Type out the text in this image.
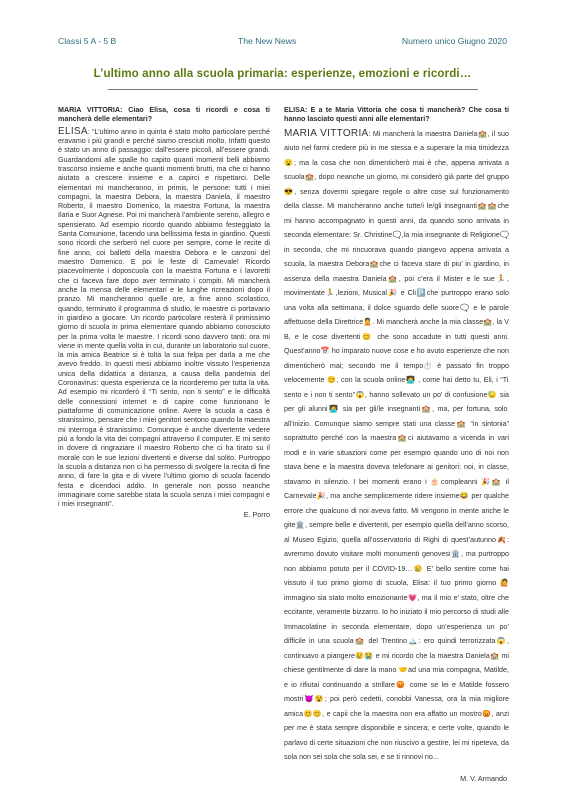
Classi 5 A - 5 B	The New News	Numero unico Giugno 2020
L’ultimo anno alla scuola primaria: esperienze, emozioni e ricordi…

MARIA VITTORIA: Ciao Elisa, cosa ti ricordi e cosa ti mancherà delle elementari?

ELISA: “L’ultimo anno in quinta è stato molto particolare perché eravamo i più grandi e perché siamo cresciuti molto. Infatti questo è stato un anno di passaggio: dall’essere piccoli, all’essere grandi. Guardandomi alle spalle ho capito quanti momenti belli abbiamo trascorso insieme e anche quanti momenti brutti, ma che ci hanno aiutato a crescere insieme e a capirci e rispettarci. Delle elementari mi mancheranno, in primis, le persone: tutti i miei compagni, la maestra Debora, la maestra Daniela, il maestro Roberto, il maestro Domenico, la maestra Fortuna, la maestra Ilaria e Suor Agnese. Poi mi mancherà l’ambiente sereno, allegro e spensierato. Ad esempio ricordo quando abbiamo festeggiato la Santa Comunione, facendo una bellissima festa in giardino. Questi sono ricordi che serberò nel cuore per sempre, come le recite di fine anno, coi balletti della maestra Debora e le canzoni del maestro Domenico. E poi le feste di Carnevale! Ricordo piacevolmente i doposcuola con la maestra Fortuna e i lavoretti che ci faceva fare dopo aver terminato i compiti. Mi mancherà anche la mensa delle elementari e le lunghe ricreazioni dopo il pranzo. Mi mancheranno quelle ore, a fine anno scolastico, quando, terminato il programma di studio, le maestre ci portavano in giardino a giocare. Un ricordo particolare resterà il primissimo giorno di scuola in prima elementare quando abbiamo conosciuto per la prima volta le maestre. I ricordi sono davvero tanti: ora mi viene in mente quella volta in cui, durante un laboratorio sul cuore, la mia amica Beatrice si è tolta la sua felpa per darla a me che avevo freddo. In questi mesi abbiamo inoltre vissuto l’esperienza unica della didattica a distanza, a causa della pandemia del Coronavirus: questa esperienza ce la ricorderemo per tutta la vita. Ad esempio mi ricorderò il “Ti sento, non ti sento” e le difficoltà delle connessioni internet e di capire come funzionano le piattaforme di comunicazione online. Avere la scuola a casa è stranissimo, pensare che i miei genitori sentono quando la maestra mi interroga è stranissimo. Comunque è anche divertente vedere più a fondo la vita dei compagni attraverso il computer. E mi sento in dovere di ringraziare il maestro Roberto che ci ha tirato su il morale con le sue lezioni divertenti e diverse dal solito. Purtroppo la scuola a distanza non ci ha permesso di svolgere la recita di fine anno, di fare la gita e di vivere l’ultimo giorno di scuola facendo festa e dicendoci addio. In generale non posso neanche immaginare come sarebbe stata la scuola senza i miei compagni e i miei insegnanti”.

E. Porro

ELISA: E a te Maria Vittoria che cosa ti mancherà? Che cosa ti hanno lasciato questi anni alle elementari?

MARIA VITTORIA: Mi mancherà la maestra Daniela🏫, il suo aiuto nel farmi credere più in me stessa e a superare la mia timidezza😮; ma la cosa che non dimenticherò mai è che, appena arrivata a scuola🏫, dopo neanche un giorno, mi considerò già parte del gruppo😎, senza dovermi spiegare regole o altre cose sul funzionamento della classe. Mi mancheranno anche tutte/i le/gli insegnanti🏫🏫che mi hanno accompagnato in questi anni, da quando sono arrivata in seconda elementare: Sr. Christine🗨️,la mia insegnante di Religione🗨️ in seconda, che mi rincuorava quando piangevo appena arrivata a scuola, la maestra Debora🏫che ci faceva stare di piu’ in giardino, in assenza della maestra Daniela🏫, poi c’era il Mister e le sue🏃, movimentate🏃,lezioni, Musical🎉 e Cli🅿️che purtroppo erano solo una volta alla settimana, il dolce sguardo delle suore🗨️ e le parole affettuose della Direttrice🙎. Mi mancherà anche la mia classe🏫, la V B, e le cose divertenti😊 che sono accadute in tutti questi anni. Quest’anno📅 ho imparato nuove cose e ho avuto esperienze che non dimenticherò mai; secondo me il tempo⏱️ è passato fin troppo velocemente 😊, con la scuola online🧑‍💻 , come hai detto tu, Eli, i “Ti sento e i non ti sento”😱, hanno sollevato un po’ di confusione😓 sia per gli alunni🧑‍💻 sia per gli/le insegnanti🏫, ma, per fortuna, solo all’inizio. Comunque siamo sempre stati una classe🏫 “in sintonia” soprattutto perché con la maestra🏫ci aiutavamo a vicenda in vari modi e in varie situazioni come per esempio quando uno di noi non stava bene e la maestra doveva telefonare ai genitori: noi, in classe, stavamo in silenzio. I bei momenti erano i 🎂compleanni 🎉🏫 il Carnevale🎉, ma anche semplicemente ridere insieme😂 per qualche errore che qualcuno di noi aveva fatto. Mi vengono in mente anche le gite🏛️, sempre belle e divertenti, per esempio quella dell’anno scorso, al Museo Egizio, quella all’osservatorio di Righi di quest’autunno🍂: avremmo dovuto visitare molti monumenti genovesi🏛️, ma purtroppo non abbiamo potuto per il COVID-19…😢 E’ bello sentire come hai vissuto il tuo primo giorno di scuola, Elisa: il tuo primo giorno 🙋 immagino sia stato molto emozionante💗, ma il mio e’ stato, oltre che eccitante, veramente bizzarro. Io ho iniziato il mio percorso di studi alle Immacolatine in seconda elementare, dopo un’esperienza un po’ difficile in una scuola🏫 del Trentino🏔️: ero quindi terrorizzata😱, continuavo a piangere😢😭 e mi ricordo che la maestra Daniela🏫 mi chiese gentilmente di dare la mano 🤝ad una mia compagna, Matilde, e io rifiutai continuando a strillare😡 come se lei e Matilde fossero mostri😈😵; poi però cedetti, conobbi Vanessa, ora la mia migliore amica😊😊, e capii che la maestra non era affatto un mostro😡, anzi per me è stata sempre disponibile e sincera; e certe volte, quando le parlavo di certe situazioni che non riuscivo a gestire, lei mi ripeteva, da sola non sei sola che sola sei, e se ti rinnovi no...

M. V. Armando
